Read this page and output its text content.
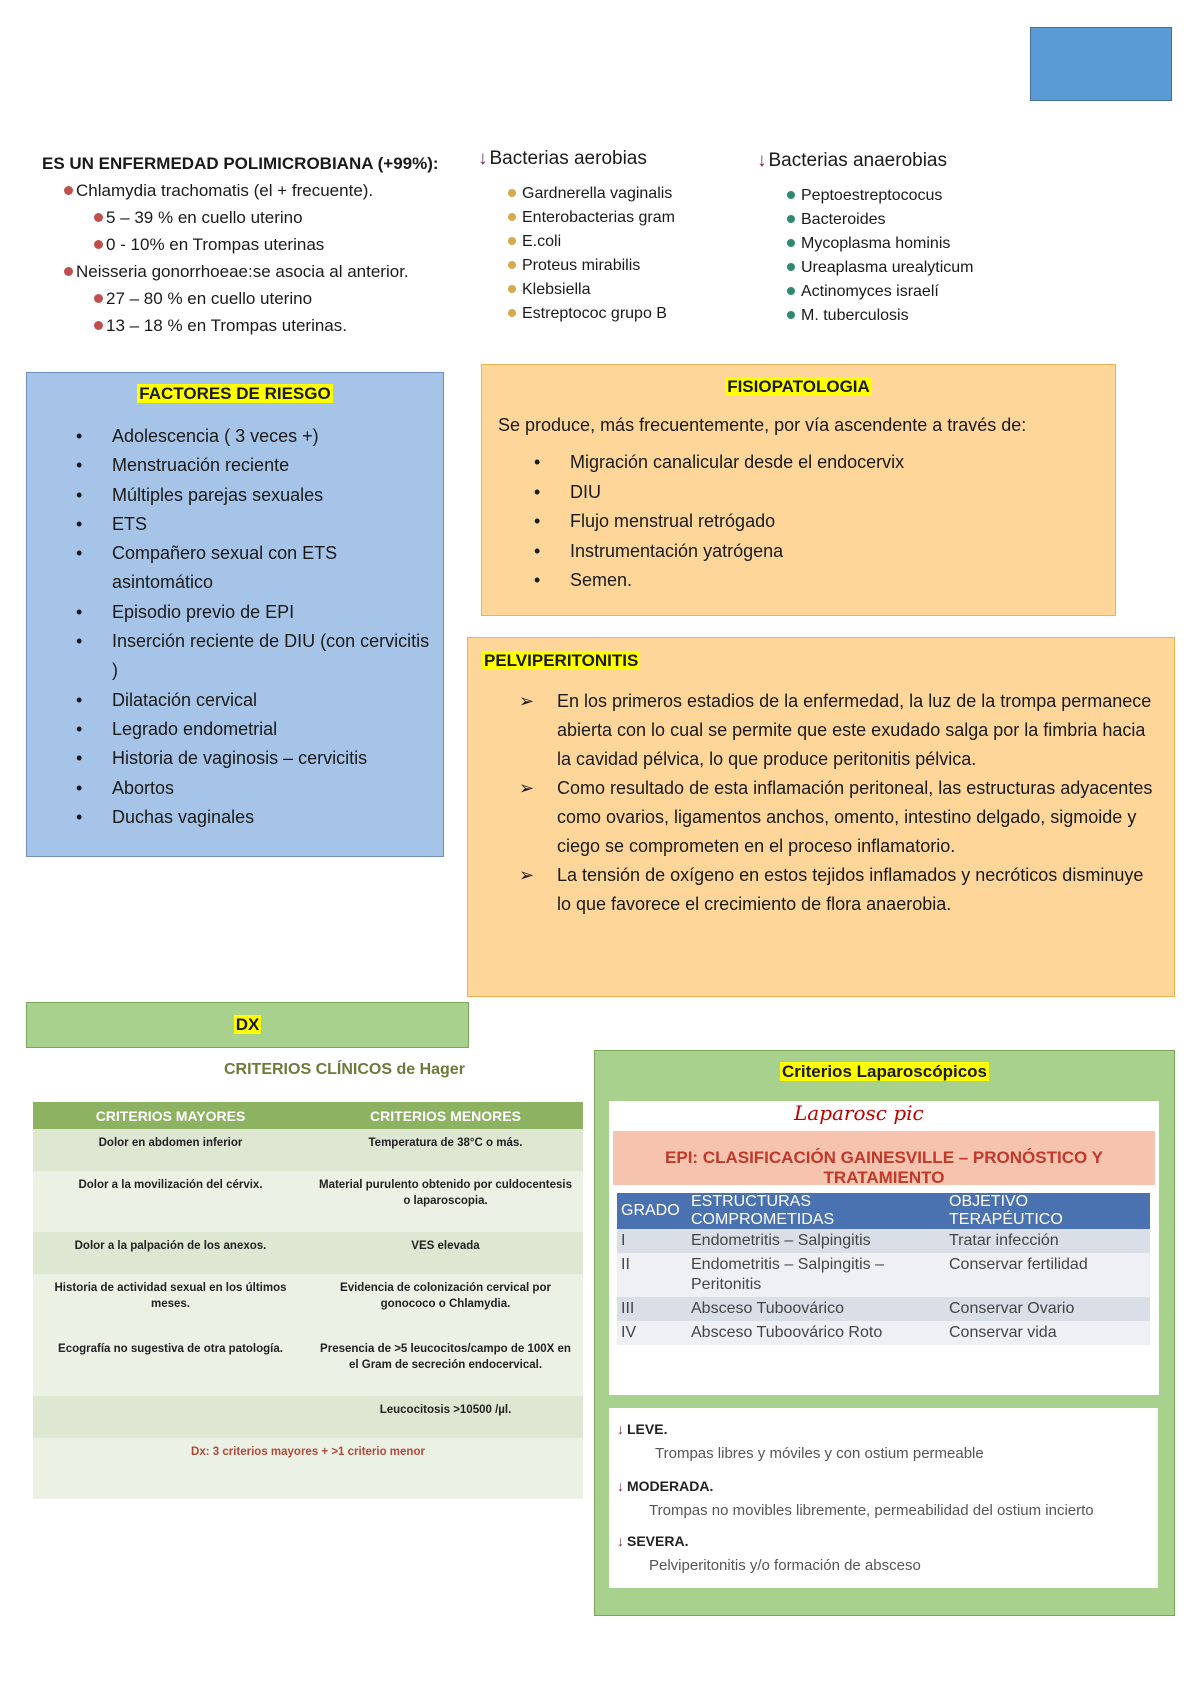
ES UN ENFERMEDAD POLIMICROBIANA (+99%):
Chlamydia trachomatis (el + frecuente).
5 – 39 % en cuello uterino
0 - 10% en Trompas uterinas
Neisseria gonorrhoeae:se asocia al anterior.
27 – 80 % en cuello uterino
13 – 18 % en Trompas uterinas.
↓ Bacterias aerobias
Gardnerella vaginalis
Enterobacterias gram
E.coli
Proteus mirabilis
Klebsiella
Estreptococ grupo B
↓ Bacterias anaerobias
Peptoestreptococus
Bacteroides
Mycoplasma hominis
Ureaplasma urealyticum
Actinomyces israelí
M. tuberculosis
FACTORES DE RIESGO
• Adolescencia ( 3 veces +)
• Menstruación reciente
• Múltiples parejas sexuales
• ETS
• Compañero sexual con ETS asintomático
• Episodio previo de EPI
• Inserción reciente de DIU (con cervicitis )
• Dilatación cervical
• Legrado endometrial
• Historia de vaginosis – cervicitis
• Abortos
• Duchas vaginales
FISIOPATOLOGIA
Se produce, más frecuentemente, por vía ascendente a través de:
• Migración canalicular desde el endocervix
• DIU
• Flujo menstrual retrógado
• Instrumentación yatrógena
• Semen.
PELVIPERITONITIS
➢ En los primeros estadios de la enfermedad, la luz de la trompa permanece abierta con lo cual se permite que este exudado salga por la fimbria hacia la cavidad pélvica, lo que produce peritonitis pélvica.
➢ Como resultado de esta inflamación peritoneal, las estructuras adyacentes como ovarios, ligamentos anchos, omento, intestino delgado, sigmoide y ciego se comprometen en el proceso inflamatorio.
➢ La tensión de oxígeno en estos tejidos inflamados y necróticos disminuye lo que favorece el crecimiento de flora anaerobia.
DX
CRITERIOS CLÍNICOS de Hager
CRITERIOS MAYORES	CRITERIOS MENORES
Dolor en abdomen inferior	Temperatura de 38°C o más.
Dolor a la movilización del cérvix.	Material purulento obtenido por culdocentesis o laparoscopia.
Dolor a la palpación de los anexos.	VES elevada
Historia de actividad sexual en los últimos meses.	Evidencia de colonización cervical por gonococo o Chlamydia.
Ecografía no sugestiva de otra patología.	Presencia de >5 leucocitos/campo de 100X en el Gram de secreción endocervical.
	Leucocitosis >10500 /µl.

Dx: 3 criterios mayores + >1 criterio menor
Criterios Laparoscópicos
Laparosc pic
EPI: CLASIFICACIÓN GAINESVILLE – PRONÓSTICO Y TRATAMIENTO
GRADO	ESTRUCTURAS COMPROMETIDAS	OBJETIVO TERAPÉUTICO
I	Endometritis – Salpingitis	Tratar infección
II	Endometritis – Salpingitis – Peritonitis	Conservar fertilidad
III	Absceso Tuboovárico	Conservar Ovario
IV	Absceso Tuboovárico Roto	Conservar vida
↓ LEVE.
Trompas libres y móviles y con ostium permeable
↓ MODERADA.
Trompas no movibles libremente, permeabilidad del ostium incierto
↓ SEVERA.
Pelviperitonitis y/o formación de absceso
